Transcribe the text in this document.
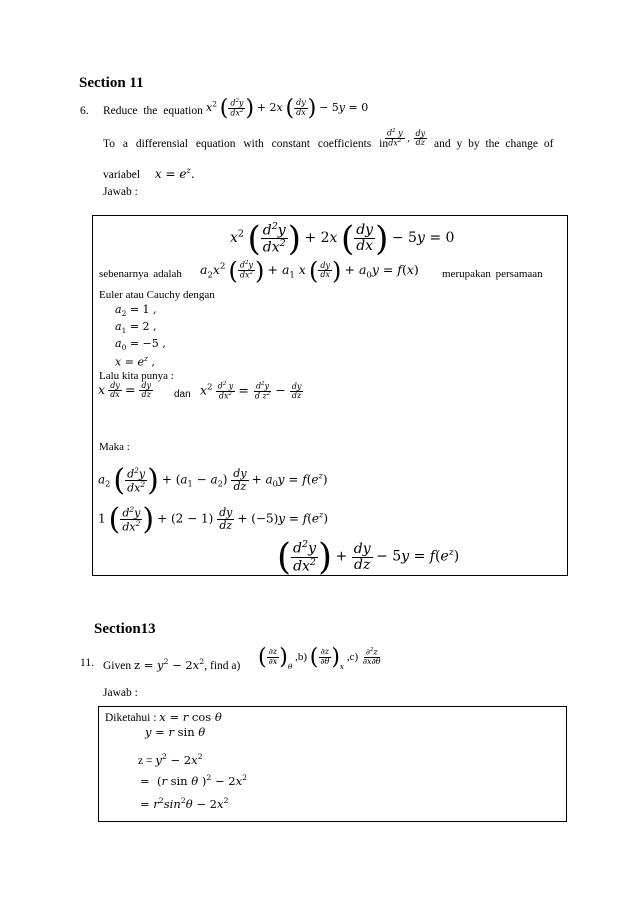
Section 11
6. Reduce the equation $x^2$ ( $\frac{d^2y}{dx^2}$ ) + 2x ( $\frac{dy}{dx}$ ) − 5y = 0
To a differensial equation with constant coefficients in
$\frac{d^2 y}{dx^2}$ , $\frac{dy}{dz}$ and y by the change of
variabel $x = e^z$.
Jawab :
$x^2$ ( $\frac{d^2y}{dx^2}$ ) + 2x ( $\frac{dy}{dx}$ ) − 5y = 0
sebenarnya adalah $a_2x^2$ ( $\frac{d^2y}{dx^2}$ ) + $a_1$ x ( $\frac{dy}{dx}$ ) + $a_0y = f(x)$ merupakan persamaan
Euler atau Cauchy dengan
$a_2 = 1$ ,
$a_1 = 2$ ,
$a_0 = -5$ ,
$x = e^z$ ,
Lalu kita punya :
x $\frac{dy}{dx} = \frac{dy}{dz}$ dan $x^2 \frac{d^2 y}{dx^2} = \frac{d^2y}{d z^2} - \frac{dy}{dz}$
Maka :
$a_2$ ( $\frac{d^2y}{dx^2}$ ) + $(a_1 - a_2) \frac{dy}{dz} + a_0y = f(e^z)$
1 ( $\frac{d^2y}{dx^2}$ ) + $(2 - 1) \frac{dy}{dz} + (-5)y = f(e^z)$
( $\frac{d^2y}{dx^2}$ ) + $\frac{dy}{dz} - 5y = f(e^z)$
Section13
11. Given $z = y^2 - 2x^2$, find a) ( $\frac{\partial z}{\partial x} )_\theta$ ,b) ( $\frac{\partial z}{\partial\theta} )_x$ $,c) \frac{\partial^2z}{\partial x\partial\theta}$
Jawab :
Diketahui : x = r cos θ
y = r sin θ
$z = y^2 - 2x^2$
=  (r sin θ )$^2 - 2x^2$
= $r^2\sin^2\theta - 2x^2$
